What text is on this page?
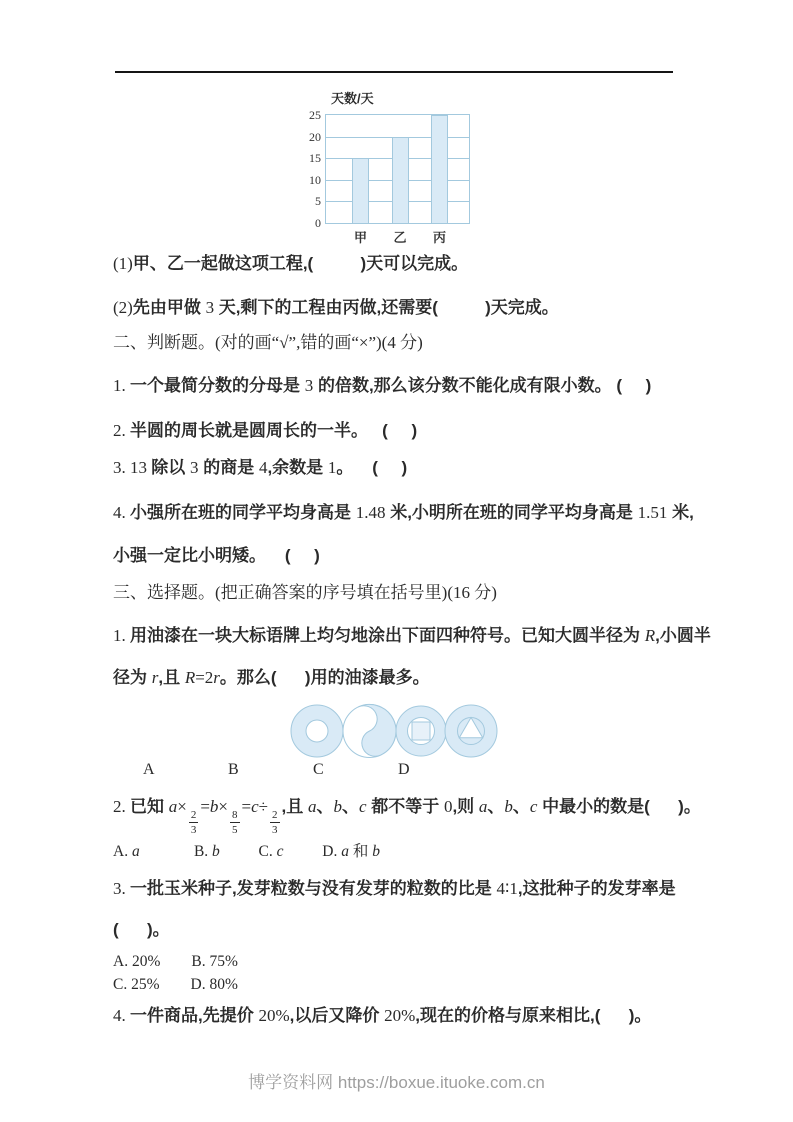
天数/天
0
5
10
15
20
25
甲	乙	丙
(1)甲、乙一起做这项工程,(          )天可以完成。
(2)先由甲做 3 天,剩下的工程由丙做,还需要(          )天完成。
二、判断题。(对的画“√”,错的画“×”)(4 分)
1. 一个最简分数的分母是 3 的倍数,那么该分数不能化成有限小数。 (     )
2. 半圆的周长就是圆周长的一半。   (     )
3. 13 除以 3 的商是 4,余数是 1。    (     )
4. 小强所在班的同学平均身高是 1.48 米,小明所在班的同学平均身高是 1.51 米,
小强一定比小明矮。    (     )
三、选择题。(把正确答案的序号填在括号里)(16 分)
1. 用油漆在一块大标语牌上均匀地涂出下面四种符号。已知大圆半径为 R,小圆半
径为 r,且 R=2r。那么(      )用的油漆最多。
A	B	C	D
2. 已知 a×
$\frac{2}{3}$
=b×
$\frac{8}{5}$
=c÷
$\frac{2}{3}$
,且 a、b、c 都不等于 0,则 a、b、c 中最小的数是(      )。
A. a	B. b	C. c	D. a 和 b
3. 一批玉米种子,发芽粒数与没有发芽的粒数的比是 4∶1,这批种子的发芽率是
(      )。
A. 20%        B. 75%
C. 25%        D. 80%
4. 一件商品,先提价 20%,以后又降价 20%,现在的价格与原来相比,(      )。
博学资料网 https://boxue.ituoke.com.cn
